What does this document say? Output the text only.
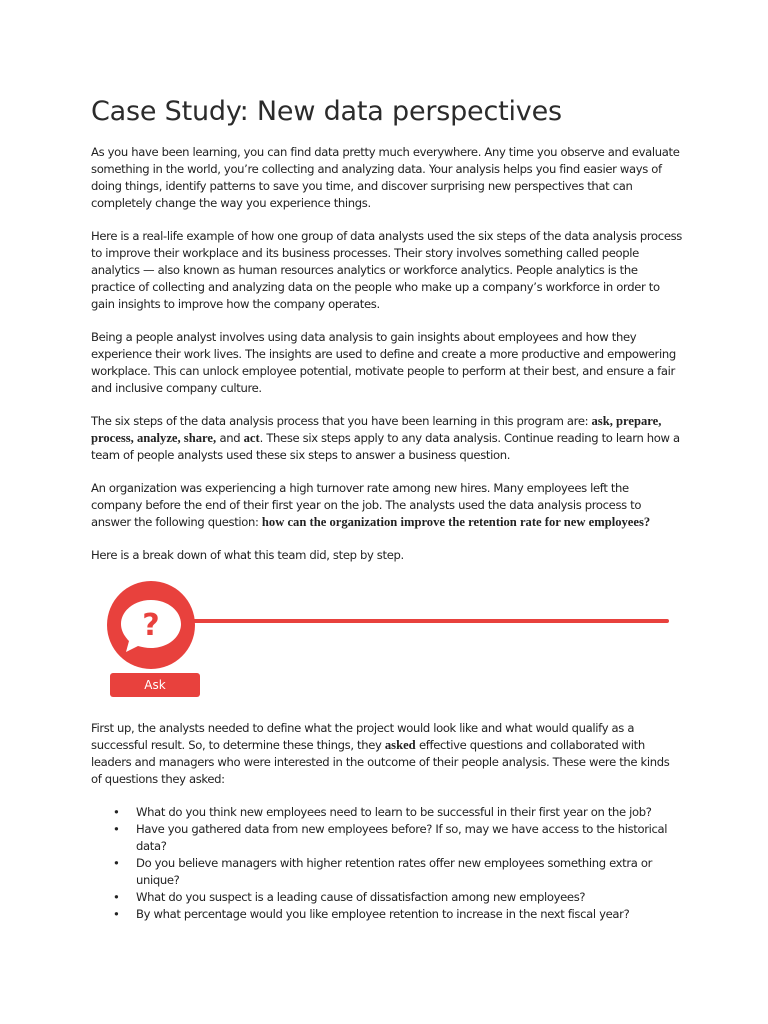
Case Study: New data perspectives

As you have been learning, you can find data pretty much everywhere. Any time you observe and evaluate something in the world, you’re collecting and analyzing data. Your analysis helps you find easier ways of doing things, identify patterns to save you time, and discover surprising new perspectives that can completely change the way you experience things.

Here is a real-life example of how one group of data analysts used the six steps of the data analysis process to improve their workplace and its business processes. Their story involves something called people analytics — also known as human resources analytics or workforce analytics. People analytics is the practice of collecting and analyzing data on the people who make up a company’s workforce in order to gain insights to improve how the company operates.

Being a people analyst involves using data analysis to gain insights about employees and how they experience their work lives. The insights are used to define and create a more productive and empowering workplace. This can unlock employee potential, motivate people to perform at their best, and ensure a fair and inclusive company culture.

The six steps of the data analysis process that you have been learning in this program are: ask, prepare, process, analyze, share, and act. These six steps apply to any data analysis. Continue reading to learn how a team of people analysts used these six steps to answer a business question.

An organization was experiencing a high turnover rate among new hires. Many employees left the company before the end of their first year on the job. The analysts used the data analysis process to answer the following question: how can the organization improve the retention rate for new employees?

Here is a break down of what this team did, step by step.

?
Ask

First up, the analysts needed to define what the project would look like and what would qualify as a successful result. So, to determine these things, they asked effective questions and collaborated with leaders and managers who were interested in the outcome of their people analysis. These were the kinds of questions they asked:

• What do you think new employees need to learn to be successful in their first year on the job?
• Have you gathered data from new employees before? If so, may we have access to the historical data?
• Do you believe managers with higher retention rates offer new employees something extra or unique?
• What do you suspect is a leading cause of dissatisfaction among new employees?
• By what percentage would you like employee retention to increase in the next fiscal year?
